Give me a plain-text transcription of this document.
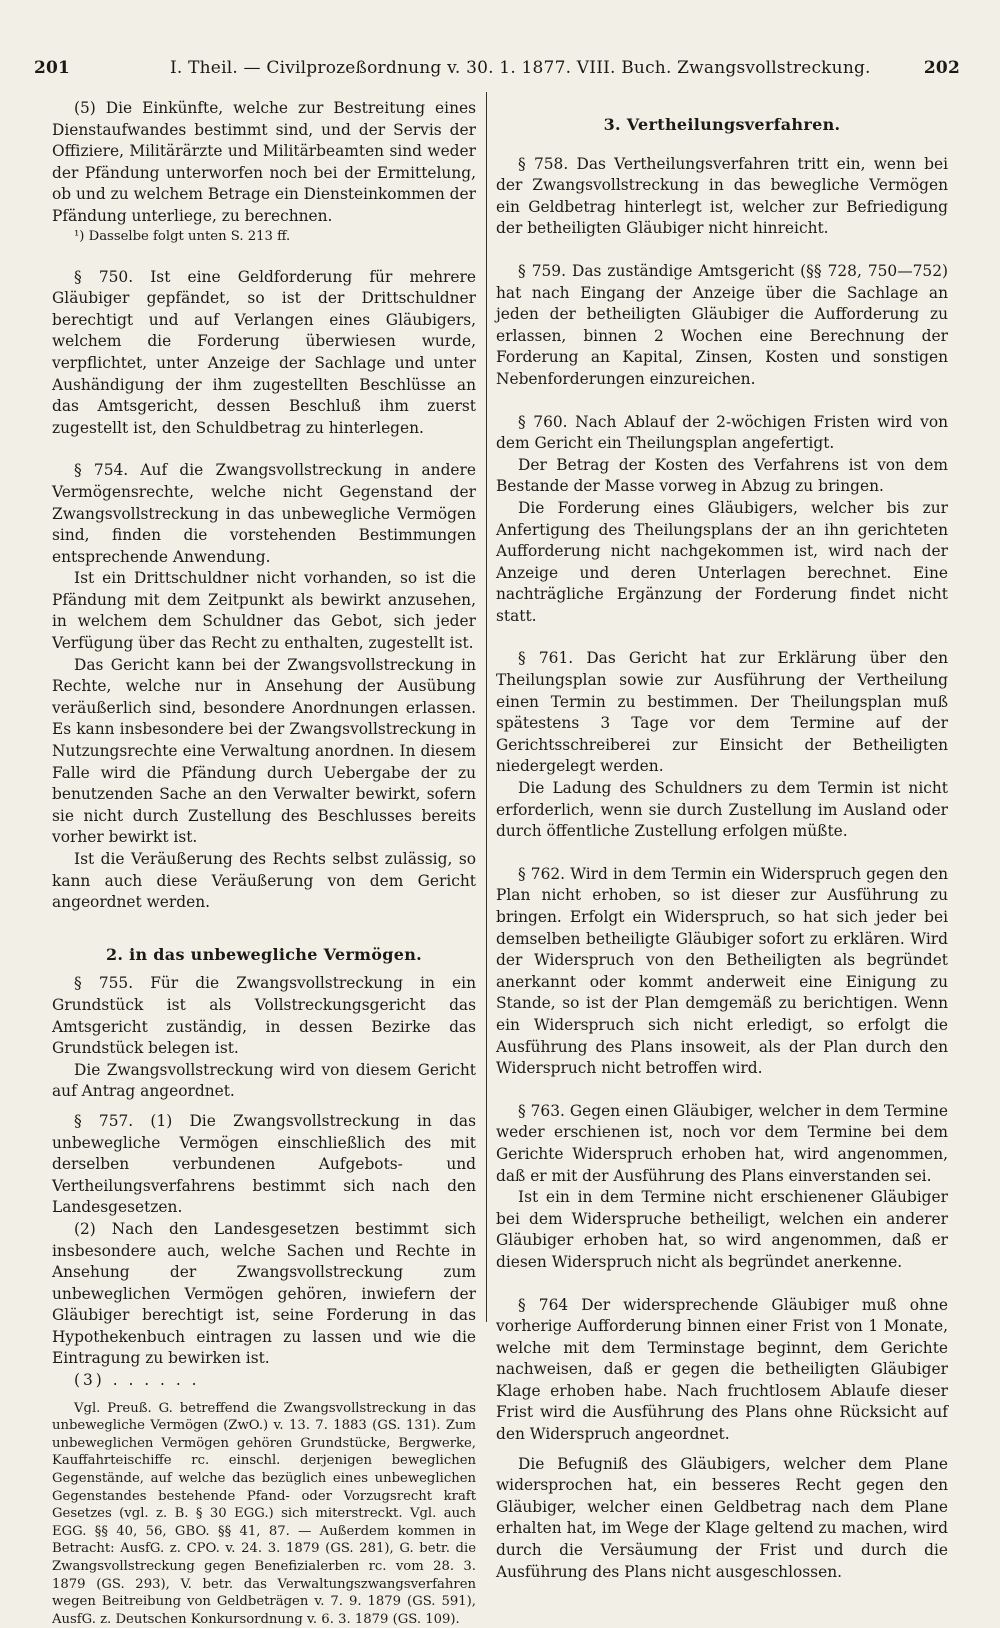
201	I. Theil. — Civilprozeßordnung v. 30. 1. 1877. VIII. Buch. Zwangsvollstreckung.	202

(5) Die Einkünfte, welche zur Bestreitung eines Dienstaufwandes bestimmt sind, und der Servis der Offiziere, Militärärzte und Militärbeamten sind weder der Pfändung unterworfen noch bei der Ermittelung, ob und zu welchem Betrage ein Diensteinkommen der Pfändung unterliege, zu berechnen.

¹) Dasselbe folgt unten S. 213 ff.

§ 750. Ist eine Geldforderung für mehrere Gläubiger gepfändet, so ist der Drittschuldner berechtigt und auf Verlangen eines Gläubigers, welchem die Forderung überwiesen wurde, verpflichtet, unter Anzeige der Sachlage und unter Aushändigung der ihm zugestellten Beschlüsse an das Amtsgericht, dessen Beschluß ihm zuerst zugestellt ist, den Schuldbetrag zu hinterlegen.

§ 754. Auf die Zwangsvollstreckung in andere Vermögensrechte, welche nicht Gegenstand der Zwangsvollstreckung in das unbewegliche Vermögen sind, finden die vorstehenden Bestimmungen entsprechende Anwendung.

Ist ein Drittschuldner nicht vorhanden, so ist die Pfändung mit dem Zeitpunkt als bewirkt anzusehen, in welchem dem Schuldner das Gebot, sich jeder Verfügung über das Recht zu enthalten, zugestellt ist.

Das Gericht kann bei der Zwangsvollstreckung in Rechte, welche nur in Ansehung der Ausübung veräußerlich sind, besondere Anordnungen erlassen. Es kann insbesondere bei der Zwangsvollstreckung in Nutzungsrechte eine Verwaltung anordnen. In diesem Falle wird die Pfändung durch Uebergabe der zu benutzenden Sache an den Verwalter bewirkt, sofern sie nicht durch Zustellung des Beschlusses bereits vorher bewirkt ist.

Ist die Veräußerung des Rechts selbst zulässig, so kann auch diese Veräußerung von dem Gericht angeordnet werden.

2. in das unbewegliche Vermögen.

§ 755. Für die Zwangsvollstreckung in ein Grundstück ist als Vollstreckungsgericht das Amtsgericht zuständig, in dessen Bezirke das Grundstück belegen ist.

Die Zwangsvollstreckung wird von diesem Gericht auf Antrag angeordnet.

§ 757. (1) Die Zwangsvollstreckung in das unbewegliche Vermögen einschließlich des mit derselben verbundenen Aufgebots- und Vertheilungsverfahrens bestimmt sich nach den Landesgesetzen.

(2) Nach den Landesgesetzen bestimmt sich insbesondere auch, welche Sachen und Rechte in Ansehung der Zwangsvollstreckung zum unbeweglichen Vermögen gehören, inwiefern der Gläubiger berechtigt ist, seine Forderung in das Hypothekenbuch eintragen zu lassen und wie die Eintragung zu bewirken ist.

(3) . . . . . .

Vgl. Preuß. G. betreffend die Zwangsvollstreckung in das unbewegliche Vermögen (ZwO.) v. 13. 7. 1883 (GS. 131). Zum unbeweglichen Vermögen gehören Grundstücke, Bergwerke, Kauffahrteischiffe rc. einschl. derjenigen beweglichen Gegenstände, auf welche das bezüglich eines unbeweglichen Gegenstandes bestehende Pfand- oder Vorzugsrecht kraft Gesetzes (vgl. z. B. § 30 EGG.) sich miterstreckt. Vgl. auch EGG. §§ 40, 56, GBO. §§ 41, 87. — Außerdem kommen in Betracht: AusfG. z. CPO. v. 24. 3. 1879 (GS. 281), G. betr. die Zwangsvollstreckung gegen Benefizialerben rc. vom 28. 3. 1879 (GS. 293), V. betr. das Verwaltungszwangsverfahren wegen Beitreibung von Geldbeträgen v. 7. 9. 1879 (GS. 591), AusfG. z. Deutschen Konkursordnung v. 6. 3. 1879 (GS. 109).

3. Vertheilungsverfahren.

§ 758. Das Vertheilungsverfahren tritt ein, wenn bei der Zwangsvollstreckung in das bewegliche Vermögen ein Geldbetrag hinterlegt ist, welcher zur Befriedigung der betheiligten Gläubiger nicht hinreicht.

§ 759. Das zuständige Amtsgericht (§§ 728, 750—752) hat nach Eingang der Anzeige über die Sachlage an jeden der betheiligten Gläubiger die Aufforderung zu erlassen, binnen 2 Wochen eine Berechnung der Forderung an Kapital, Zinsen, Kosten und sonstigen Nebenforderungen einzureichen.

§ 760. Nach Ablauf der 2-wöchigen Fristen wird von dem Gericht ein Theilungsplan angefertigt.

Der Betrag der Kosten des Verfahrens ist von dem Bestande der Masse vorweg in Abzug zu bringen.

Die Forderung eines Gläubigers, welcher bis zur Anfertigung des Theilungsplans der an ihn gerichteten Aufforderung nicht nachgekommen ist, wird nach der Anzeige und deren Unterlagen berechnet. Eine nachträgliche Ergänzung der Forderung findet nicht statt.

§ 761. Das Gericht hat zur Erklärung über den Theilungsplan sowie zur Ausführung der Vertheilung einen Termin zu bestimmen. Der Theilungsplan muß spätestens 3 Tage vor dem Termine auf der Gerichtsschreiberei zur Einsicht der Betheiligten niedergelegt werden.

Die Ladung des Schuldners zu dem Termin ist nicht erforderlich, wenn sie durch Zustellung im Ausland oder durch öffentliche Zustellung erfolgen müßte.

§ 762. Wird in dem Termin ein Widerspruch gegen den Plan nicht erhoben, so ist dieser zur Ausführung zu bringen. Erfolgt ein Widerspruch, so hat sich jeder bei demselben betheiligte Gläubiger sofort zu erklären. Wird der Widerspruch von den Betheiligten als begründet anerkannt oder kommt anderweit eine Einigung zu Stande, so ist der Plan demgemäß zu berichtigen. Wenn ein Widerspruch sich nicht erledigt, so erfolgt die Ausführung des Plans insoweit, als der Plan durch den Widerspruch nicht betroffen wird.

§ 763. Gegen einen Gläubiger, welcher in dem Termine weder erschienen ist, noch vor dem Termine bei dem Gerichte Widerspruch erhoben hat, wird angenommen, daß er mit der Ausführung des Plans einverstanden sei.

Ist ein in dem Termine nicht erschienener Gläubiger bei dem Widerspruche betheiligt, welchen ein anderer Gläubiger erhoben hat, so wird angenommen, daß er diesen Widerspruch nicht als begründet anerkenne.

§ 764 Der widersprechende Gläubiger muß ohne vorherige Aufforderung binnen einer Frist von 1 Monate, welche mit dem Terminstage beginnt, dem Gerichte nachweisen, daß er gegen die betheiligten Gläubiger Klage erhoben habe. Nach fruchtlosem Ablaufe dieser Frist wird die Ausführung des Plans ohne Rücksicht auf den Widerspruch angeordnet.

Die Befugniß des Gläubigers, welcher dem Plane widersprochen hat, ein besseres Recht gegen den Gläubiger, welcher einen Geldbetrag nach dem Plane erhalten hat, im Wege der Klage geltend zu machen, wird durch die Versäumung der Frist und durch die Ausführung des Plans nicht ausgeschlossen.
